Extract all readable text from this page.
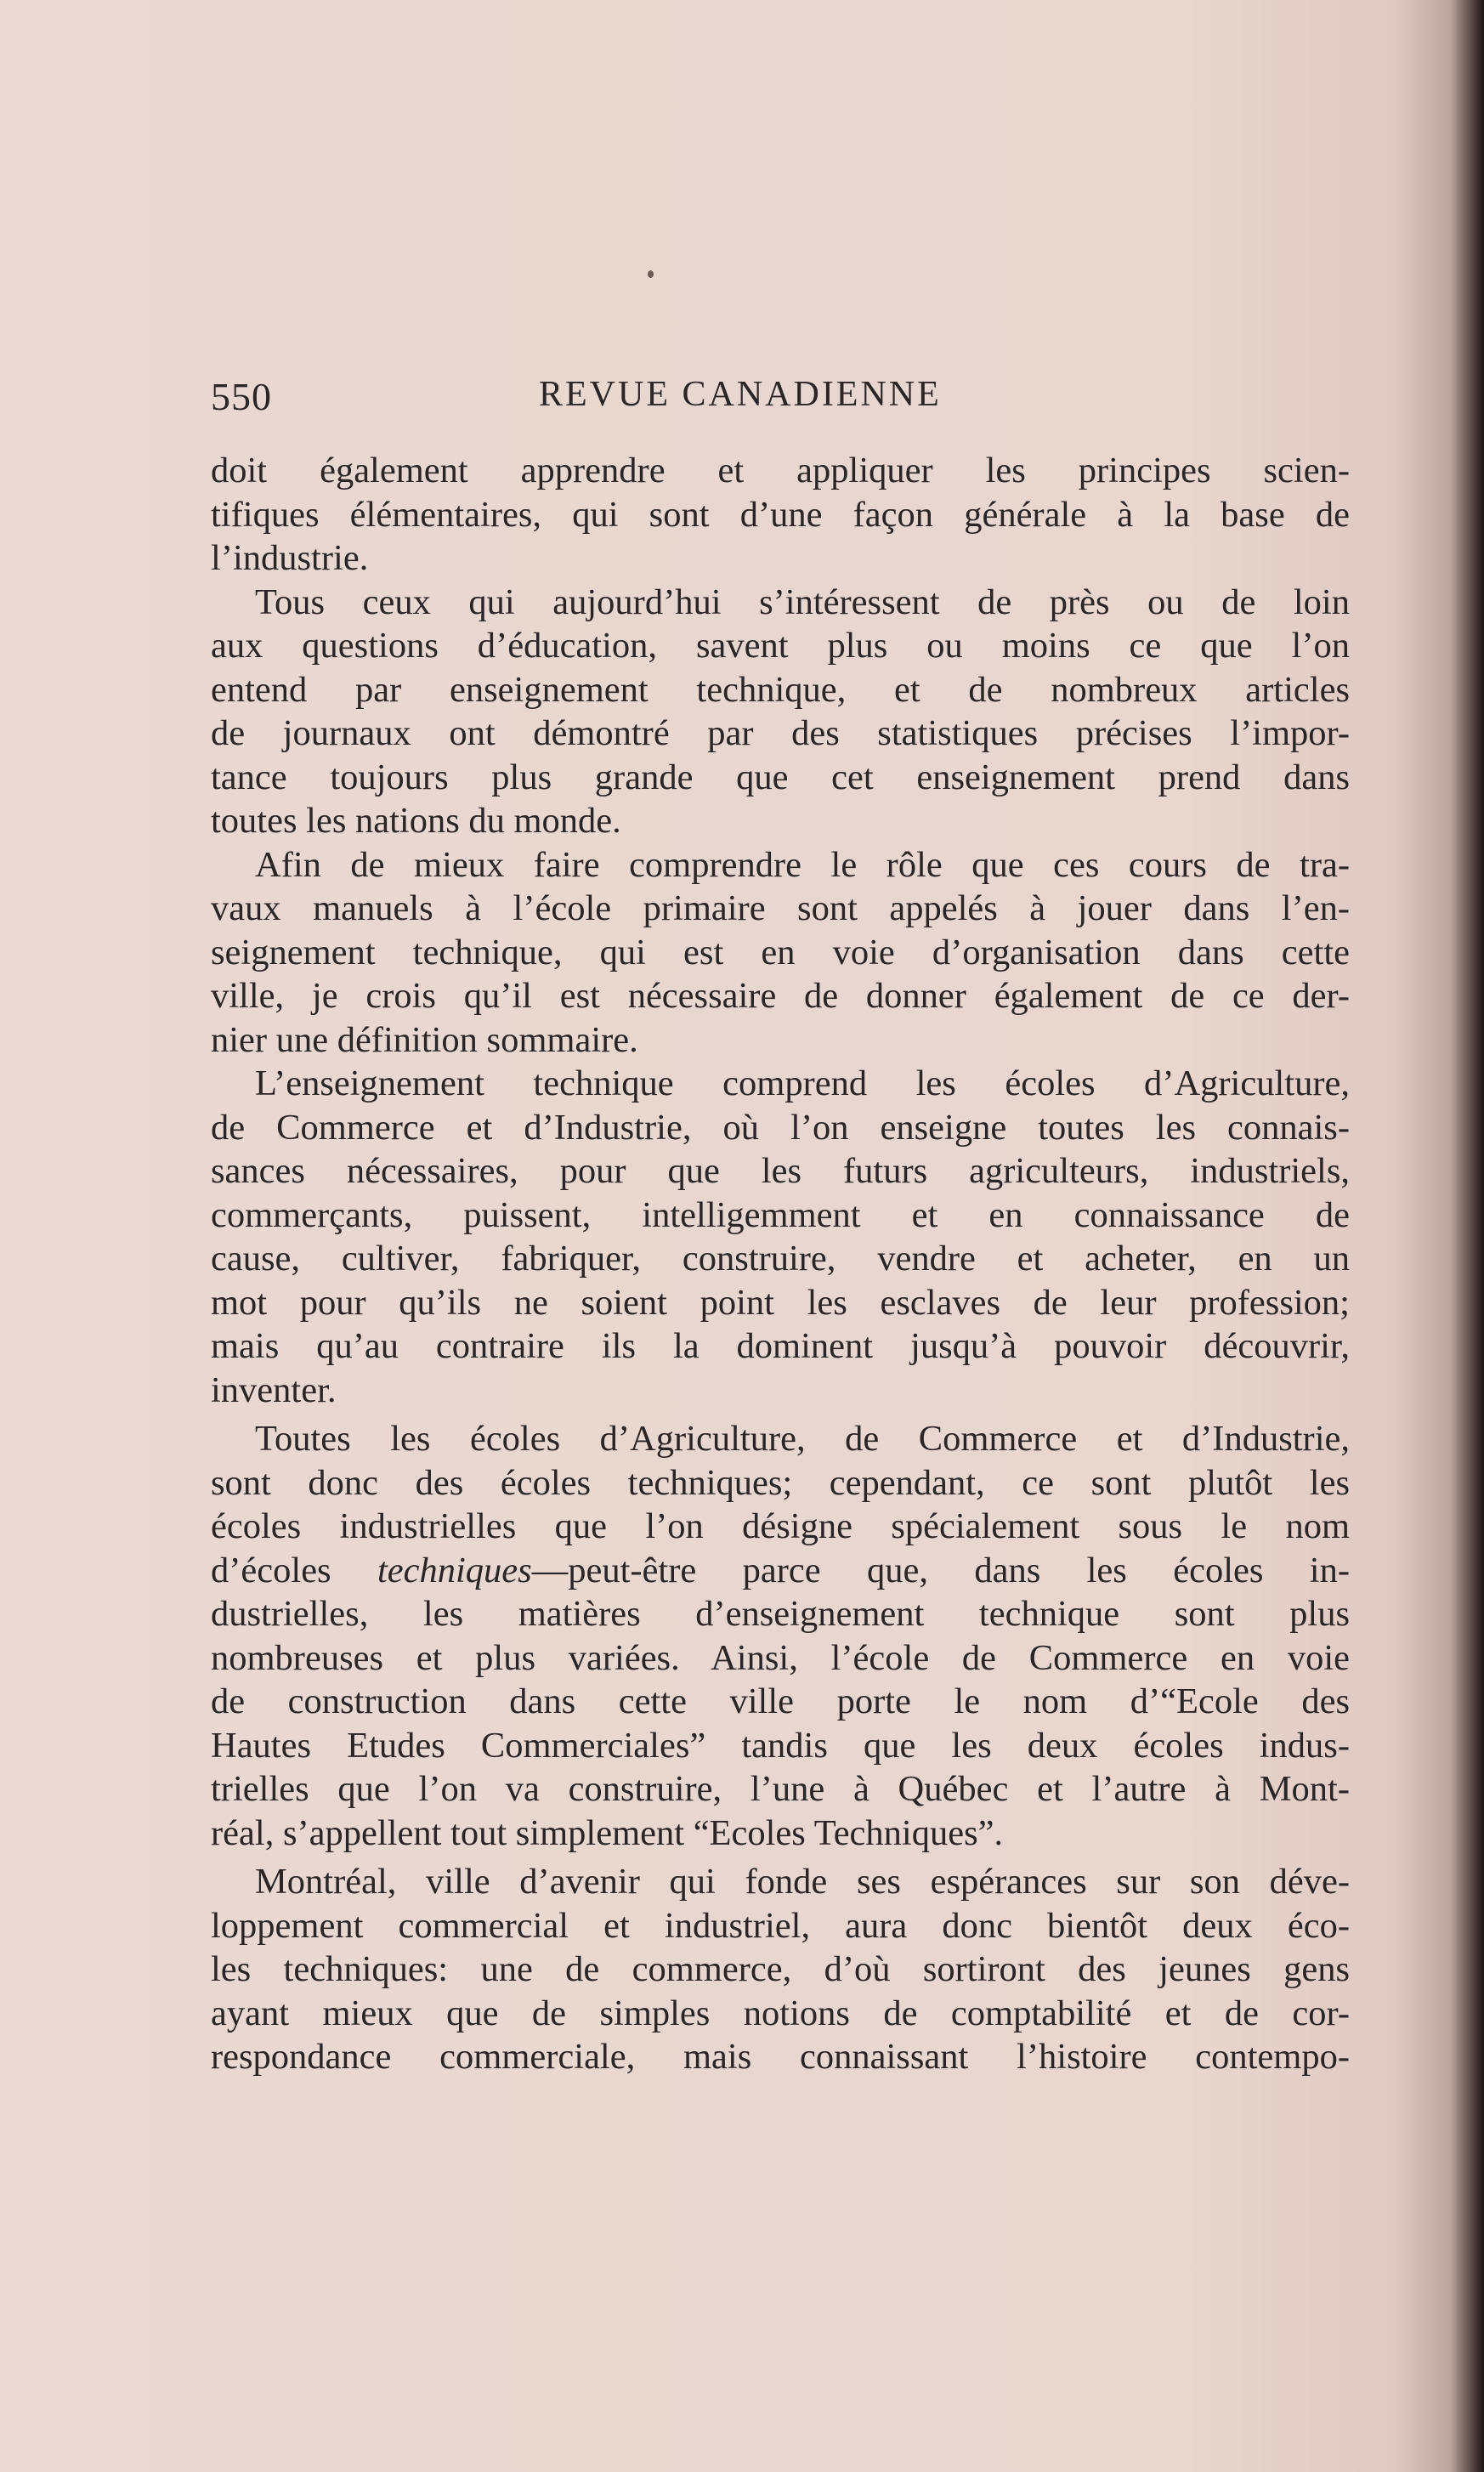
550	REVUE CANADIENNE
doit également apprendre et appliquer les principes scien-
tifiques élémentaires, qui sont d’une façon générale à la base de
l’industrie.
Tous ceux qui aujourd’hui s’intéressent de près ou de loin
aux questions d’éducation, savent plus ou moins ce que l’on
entend par enseignement technique, et de nombreux articles
de journaux ont démontré par des statistiques précises l’impor-
tance toujours plus grande que cet enseignement prend dans
toutes les nations du monde.
Afin de mieux faire comprendre le rôle que ces cours de tra-
vaux manuels à l’école primaire sont appelés à jouer dans l’en-
seignement technique, qui est en voie d’organisation dans cette
ville, je crois qu’il est nécessaire de donner également de ce der-
nier une définition sommaire.
L’enseignement technique comprend les écoles d’Agriculture,
de Commerce et d’Industrie, où l’on enseigne toutes les connais-
sances nécessaires, pour que les futurs agriculteurs, industriels,
commerçants, puissent, intelligemment et en connaissance de
cause, cultiver, fabriquer, construire, vendre et acheter, en un
mot pour qu’ils ne soient point les esclaves de leur profession;
mais qu’au contraire ils la dominent jusqu’à pouvoir découvrir,
inventer.
Toutes les écoles d’Agriculture, de Commerce et d’Industrie,
sont donc des écoles techniques; cependant, ce sont plutôt les
écoles industrielles que l’on désigne spécialement sous le nom
d’écoles techniques—peut-être parce que, dans les écoles in-
dustrielles, les matières d’enseignement technique sont plus
nombreuses et plus variées. Ainsi, l’école de Commerce en voie
de construction dans cette ville porte le nom d’“Ecole des
Hautes Etudes Commerciales” tandis que les deux écoles indus-
trielles que l’on va construire, l’une à Québec et l’autre à Mont-
réal, s’appellent tout simplement “Ecoles Techniques”.
Montréal, ville d’avenir qui fonde ses espérances sur son déve-
loppement commercial et industriel, aura donc bientôt deux éco-
les techniques: une de commerce, d’où sortiront des jeunes gens
ayant mieux que de simples notions de comptabilité et de cor-
respondance commerciale, mais connaissant l’histoire contempo-
